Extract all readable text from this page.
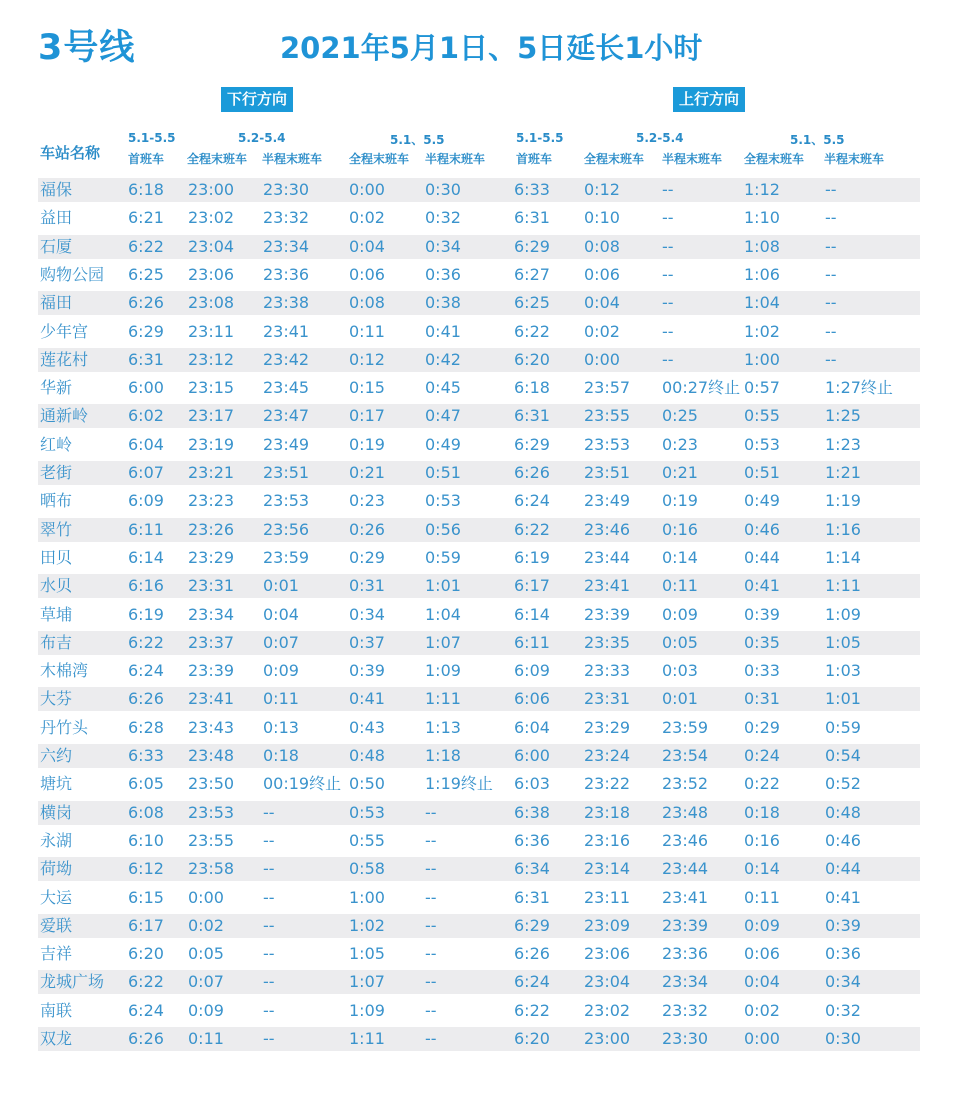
3号线	2021年5月1日、5日延长1小时
下行方向	上行方向
车站名称
5.1-5.5
首班车
5.2-5.4
全程末班车 半程末班车
5.1、5.5
全程末班车 半程末班车
5.1-5.5
首班车
5.2-5.4
全程末班车 半程末班车
5.1、5.5
全程末班车 半程末班车
福保	6:18 23:00 23:30 0:00	0:30	6:33 0:12	--	1:12	--
益田	6:21 23:02 23:32 0:02	0:32	6:31 0:10	--	1:10	--
石厦	6:22 23:04 23:34 0:04	0:34	6:29 0:08	--	1:08	--
购物公园 6:25 23:06 23:36 0:06	0:36	6:27 0:06	--	1:06	--
福田	6:26 23:08 23:38 0:08	0:38	6:25 0:04	--	1:04	--
少年宫 6:29 23:11 23:41 0:11	0:41	6:22 0:02	--	1:02	--
莲花村 6:31 23:12 23:42 0:12	0:42	6:20 0:00	--	1:00	--
华新	6:00 23:15 23:45 0:15	0:45	6:18 23:57 00:27终止 0:57	1:27终止
通新岭 6:02 23:17 23:47 0:17	0:47	6:31 23:55 0:25	0:55	1:25
红岭	6:04 23:19 23:49 0:19	0:49	6:29 23:53 0:23	0:53	1:23
老街	6:07 23:21 23:51 0:21	0:51	6:26 23:51 0:21	0:51	1:21
晒布	6:09 23:23 23:53 0:23	0:53	6:24 23:49 0:19	0:49	1:19
翠竹	6:11 23:26 23:56 0:26	0:56	6:22 23:46 0:16	0:46	1:16
田贝	6:14 23:29 23:59 0:29	0:59	6:19 23:44 0:14	0:44	1:14
水贝	6:16 23:31 0:01	0:31	1:01	6:17 23:41 0:11	0:41	1:11
草埔	6:19 23:34 0:04	0:34	1:04	6:14 23:39 0:09	0:39	1:09
布吉	6:22 23:37 0:07	0:37	1:07	6:11 23:35 0:05	0:35	1:05
木棉湾 6:24 23:39 0:09	0:39	1:09	6:09 23:33 0:03	0:33	1:03
大芬	6:26 23:41 0:11	0:41	1:11	6:06 23:31 0:01	0:31	1:01
丹竹头 6:28 23:43 0:13	0:43	1:13	6:04 23:29 23:59 0:29	0:59
六约	6:33 23:48 0:18	0:48	1:18	6:00 23:24 23:54 0:24	0:54
塘坑	6:05 23:50 00:19终止 0:50	1:19终止 6:03 23:22 23:52 0:22	0:52
横岗	6:08 23:53 --	0:53	--	6:38 23:18 23:48 0:18	0:48
永湖	6:10 23:55 --	0:55	--	6:36 23:16 23:46 0:16	0:46
荷坳	6:12 23:58 --	0:58	--	6:34 23:14 23:44 0:14	0:44
大运	6:15 0:00 --	1:00	--	6:31 23:11 23:41 0:11	0:41
爱联	6:17 0:02 --	1:02	--	6:29 23:09 23:39 0:09	0:39
吉祥	6:20 0:05 --	1:05	--	6:26 23:06 23:36 0:06	0:36
龙城广场 6:22 0:07 --	1:07	--	6:24 23:04 23:34 0:04	0:34
南联	6:24 0:09 --	1:09	--	6:22 23:02 23:32 0:02	0:32
双龙	6:26 0:11 --	1:11	--	6:20 23:00 23:30 0:00	0:30
